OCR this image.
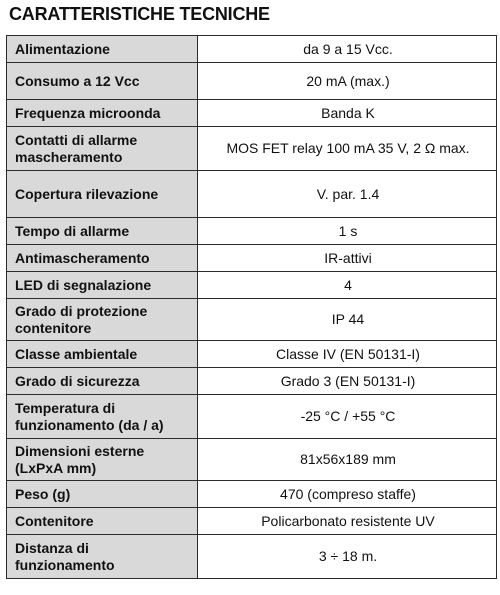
CARATTERISTICHE TECNICHE
Alimentazione	da 9 a 15 Vcc.
Consumo a 12 Vcc	20 mA (max.)
Frequenza microonda	Banda K
Contatti di allarme mascheramento	MOS FET relay 100 mA 35 V, 2 Ω max.
Copertura rilevazione	V. par. 1.4
Tempo di allarme	1 s
Antimascheramento	IR-attivi
LED di segnalazione	4
Grado di protezione contenitore	IP 44
Classe ambientale	Classe IV (EN 50131-I)
Grado di sicurezza	Grado 3 (EN 50131-I)
Temperatura di funzionamento (da / a)	-25 °C / +55 °C
Dimensioni esterne (LxPxA mm)	81x56x189 mm
Peso (g)	470 (compreso staffe)
Contenitore	Policarbonato resistente UV
Distanza di funzionamento	3 ÷ 18 m.
